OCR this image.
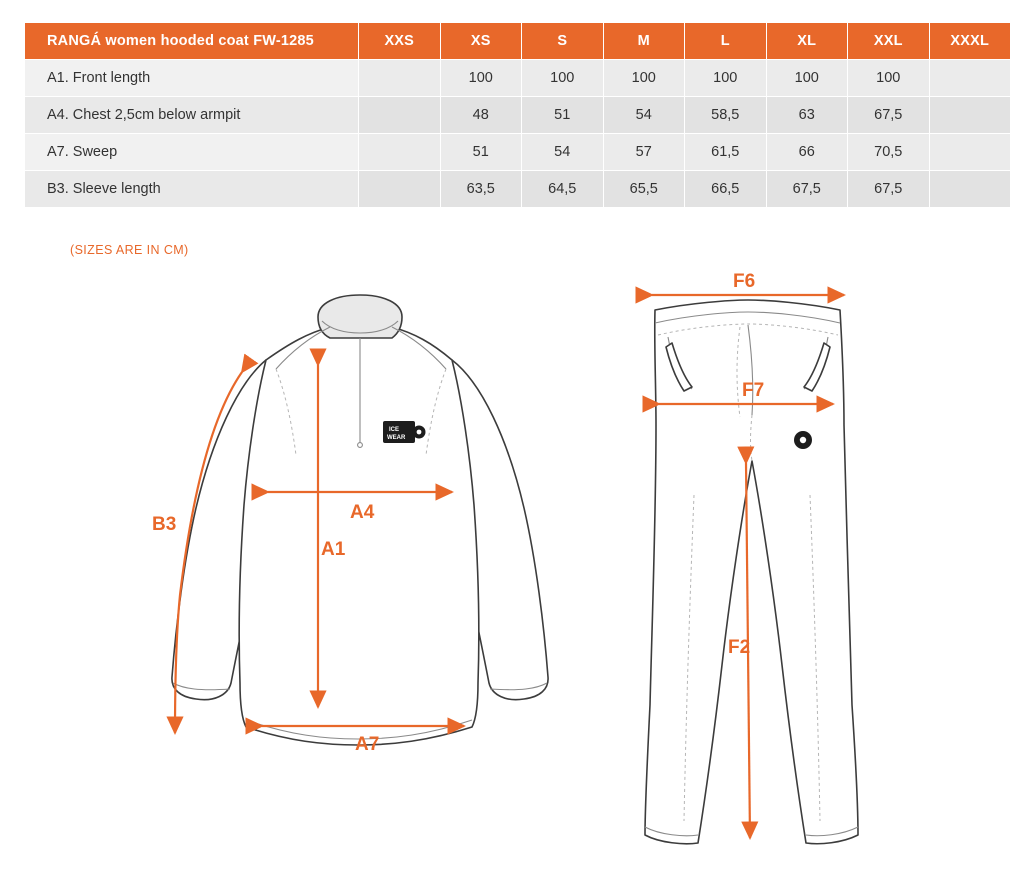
RANGÁ women hooded coat FW-1285	XXS	XS	S	M	L	XL	XXL	XXXL
A1. Front length		100	100	100	100	100	100	
A4. Chest 2,5cm below armpit		48	51	54	58,5	63	67,5	
A7. Sweep		51	54	57	61,5	66	70,5	
B3. Sleeve length		63,5	64,5	65,5	66,5	67,5	67,5	
(SIZES ARE IN CM)
ICE
WEAR
B3
A1
A4
A7
F6
F7
F2
